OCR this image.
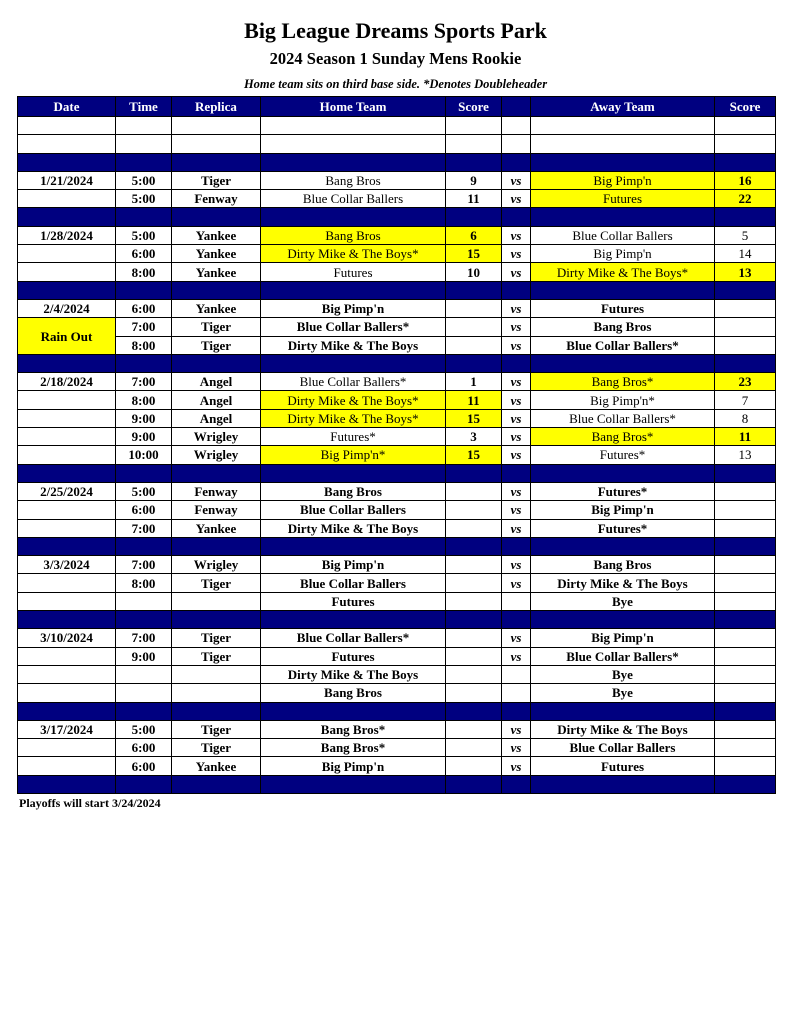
Big League Dreams Sports Park
2024 Season 1 Sunday Mens Rookie
Home team sits on third base side. *Denotes Doubleheader
Date	Time	Replica	Home Team	Score		Away Team	Score

1/21/2024	5:00	Tiger	Bang Bros	9	vs	Big Pimp'n	16
	5:00	Fenway	Blue Collar Ballers	11	vs	Futures	22

1/28/2024	5:00	Yankee	Bang Bros	6	vs	Blue Collar Ballers	5
	6:00	Yankee	Dirty Mike & The Boys*	15	vs	Big Pimp'n	14
	8:00	Yankee	Futures	10	vs	Dirty Mike & The Boys*	13

2/4/2024	6:00	Yankee	Big Pimp'n		vs	Futures	
Rain Out	7:00	Tiger	Blue Collar Ballers*		vs	Bang Bros	
	8:00	Tiger	Dirty Mike & The Boys		vs	Blue Collar Ballers*	

2/18/2024	7:00	Angel	Blue Collar Ballers*	1	vs	Bang Bros*	23
	8:00	Angel	Dirty Mike & The Boys*	11	vs	Big Pimp'n*	7
	9:00	Angel	Dirty Mike & The Boys*	15	vs	Blue Collar Ballers*	8
	9:00	Wrigley	Futures*	3	vs	Bang Bros*	11
	10:00	Wrigley	Big Pimp'n*	15	vs	Futures*	13

2/25/2024	5:00	Fenway	Bang Bros		vs	Futures*	
	6:00	Fenway	Blue Collar Ballers		vs	Big Pimp'n	
	7:00	Yankee	Dirty Mike & The Boys		vs	Futures*	

3/3/2024	7:00	Wrigley	Big Pimp'n		vs	Bang Bros	
	8:00	Tiger	Blue Collar Ballers		vs	Dirty Mike & The Boys	
			Futures			Bye	

3/10/2024	7:00	Tiger	Blue Collar Ballers*		vs	Big Pimp'n	
	9:00	Tiger	Futures		vs	Blue Collar Ballers*	
			Dirty Mike & The Boys			Bye	
			Bang Bros			Bye	

3/17/2024	5:00	Tiger	Bang Bros*		vs	Dirty Mike & The Boys	
	6:00	Tiger	Bang Bros*		vs	Blue Collar Ballers	
	6:00	Yankee	Big Pimp'n		vs	Futures	

Playoffs will start 3/24/2024
